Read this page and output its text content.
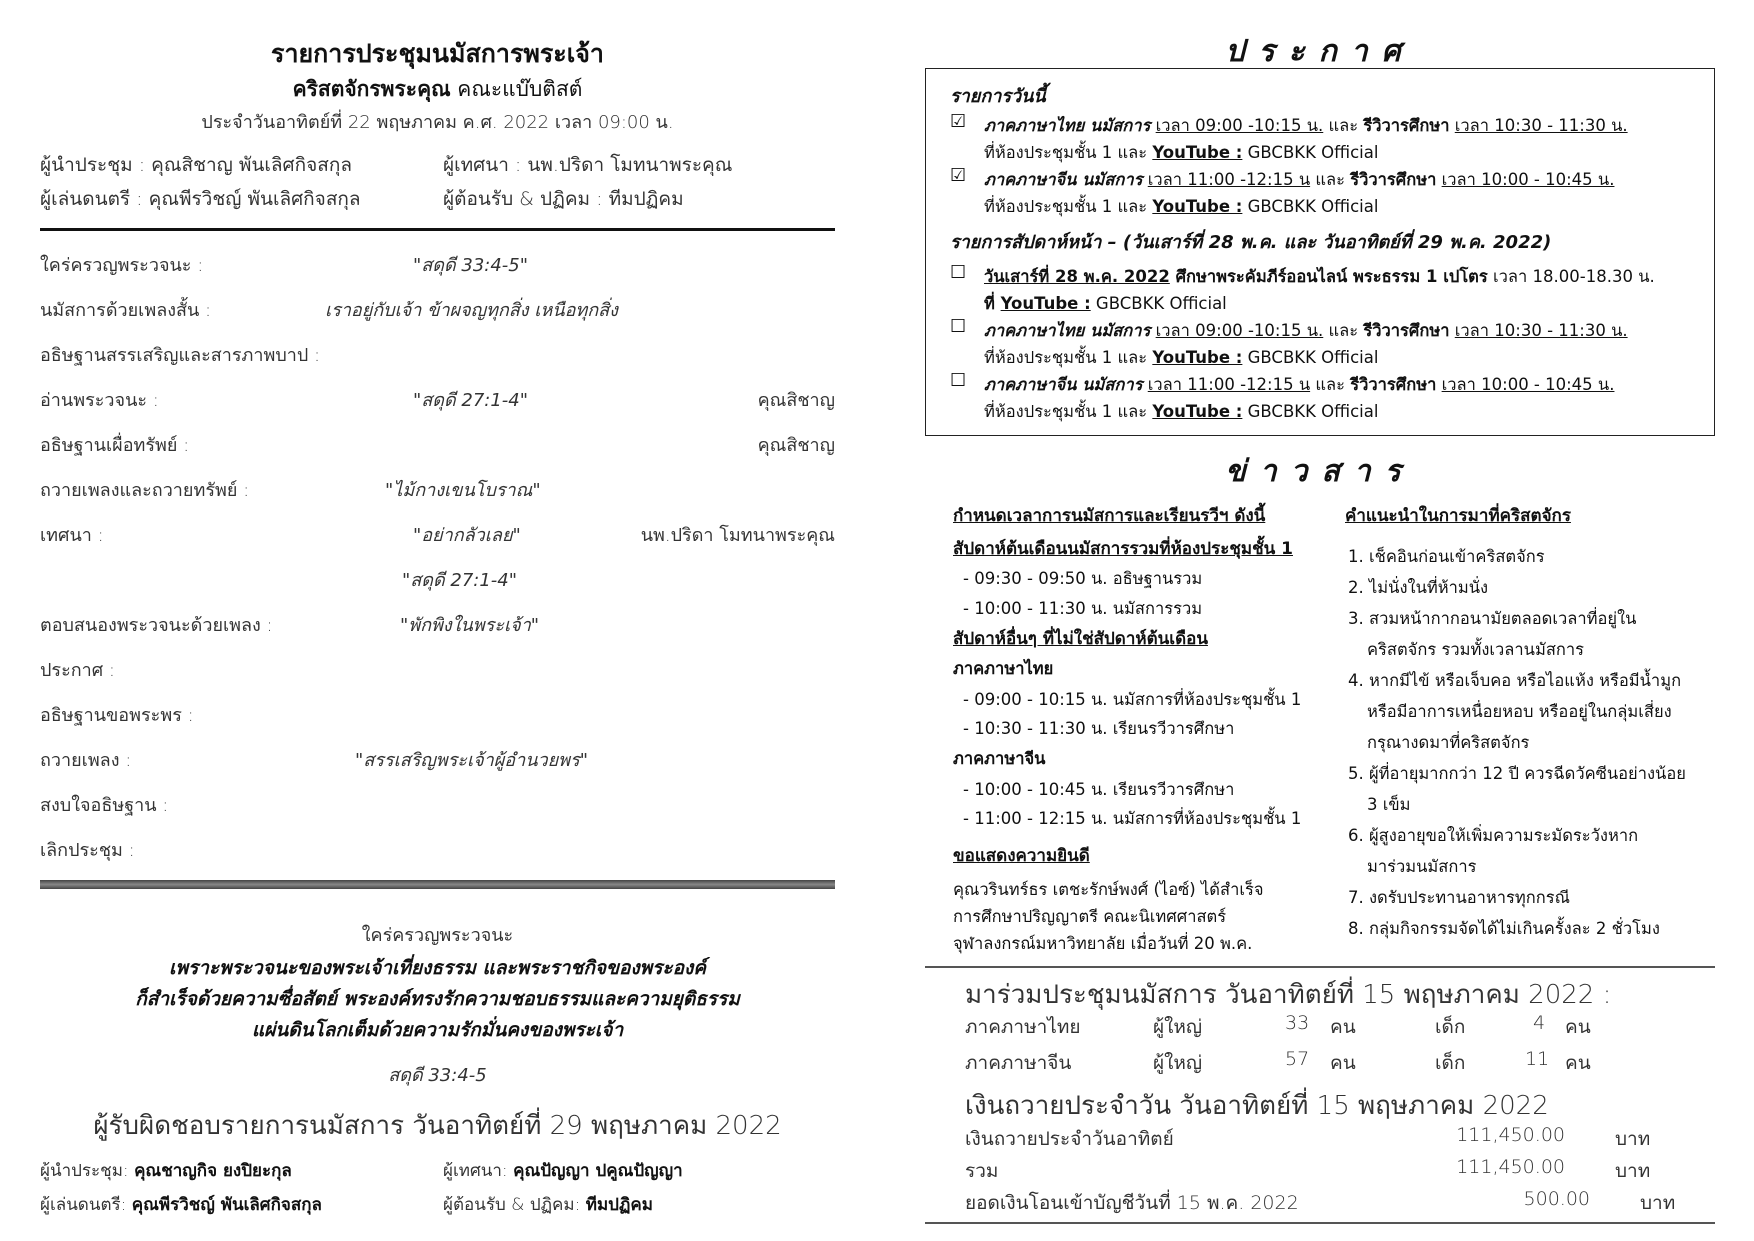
รายการประชุมนมัสการพระเจ้า
คริสตจักรพระคุณ คณะแบ๊บติสต์
ประจำวันอาทิตย์ที่ 22 พฤษภาคม ค.ศ. 2022 เวลา 09:00 น.
ผู้นำประชุม : คุณสิชาญ พันเลิศกิจสกุล	ผู้เทศนา : นพ.ปริดา โมทนาพระคุณ
ผู้เล่นดนตรี : คุณพีรวิชญ์ พันเลิศกิจสกุล	ผู้ต้อนรับ & ปฏิคม : ทีมปฏิคม
ใคร่ครวญพระวจนะ :	"สดุดี 33:4-5"
นมัสการด้วยเพลงสั้น :	เราอยู่กับเจ้า ข้าผจญทุกสิ่ง เหนือทุกสิ่ง
อธิษฐานสรรเสริญและสารภาพบาป :
อ่านพระวจนะ :	"สดุดี 27:1-4"	คุณสิชาญ
อธิษฐานเผื่อทรัพย์ :	คุณสิชาญ
ถวายเพลงและถวายทรัพย์ :	"ไม้กางเขนโบราณ"
เทศนา :	"อย่ากลัวเลย"	นพ.ปริดา โมทนาพระคุณ
"สดุดี 27:1-4"
ตอบสนองพระวจนะด้วยเพลง :	"พักพิงในพระเจ้า"
ประกาศ :
อธิษฐานขอพระพร :
ถวายเพลง :	"สรรเสริญพระเจ้าผู้อำนวยพร"
สงบใจอธิษฐาน :
เลิกประชุม :
ใคร่ครวญพระวจนะ
เพราะพระวจนะของพระเจ้าเที่ยงธรรม และพระราชกิจของพระองค์
ก็สำเร็จด้วยความซื่อสัตย์ พระองค์ทรงรักความชอบธรรมและความยุติธรรม
แผ่นดินโลกเต็มด้วยความรักมั่นคงของพระเจ้า
สดุดี 33:4-5
ผู้รับผิดชอบรายการนมัสการ วันอาทิตย์ที่ 29 พฤษภาคม 2022
ผู้นำประชุม: คุณชาญกิจ ยงปิยะกุล	ผู้เทศนา: คุณปัญญา ปคูณปัญญา
ผู้เล่นดนตรี: คุณพีรวิชญ์ พันเลิศกิจสกุล	ผู้ต้อนรับ & ปฏิคม: ทีมปฏิคม
ประกาศ
รายการวันนี้
☑ ภาคภาษาไทย นมัสการ เวลา 09:00 -10:15 น. และ รีวิวารศึกษา เวลา 10:30 - 11:30 น.
ที่ห้องประชุมชั้น 1 และ YouTube : GBCBKK Official
☑ ภาคภาษาจีน นมัสการ เวลา 11:00 -12:15 น และ รีวิวารศึกษา เวลา 10:00 - 10:45 น.
ที่ห้องประชุมชั้น 1 และ YouTube : GBCBKK Official
รายการสัปดาห์หน้า – (วันเสาร์ที่ 28 พ.ค. และ วันอาทิตย์ที่ 29 พ.ค. 2022)
☐ วันเสาร์ที่ 28 พ.ค. 2022 ศึกษาพระคัมภีร์ออนไลน์ พระธรรม 1 เปโตร เวลา 18.00-18.30 น.
ที่ YouTube : GBCBKK Official
☐ ภาคภาษาไทย นมัสการ เวลา 09:00 -10:15 น. และ รีวิวารศึกษา เวลา 10:30 - 11:30 น.
ที่ห้องประชุมชั้น 1 และ YouTube : GBCBKK Official
☐ ภาคภาษาจีน นมัสการ เวลา 11:00 -12:15 น และ รีวิวารศึกษา เวลา 10:00 - 10:45 น.
ที่ห้องประชุมชั้น 1 และ YouTube : GBCBKK Official
ข่าวสาร
กำหนดเวลาการนมัสการและเรียนรวีฯ ดังนี้
สัปดาห์ต้นเดือนนมัสการรวมที่ห้องประชุมชั้น 1
- 09:30 - 09:50 น. อธิษฐานรวม
- 10:00 - 11:30 น. นมัสการรวม
สัปดาห์อื่นๆ ที่ไม่ใช่สัปดาห์ต้นเดือน
ภาคภาษาไทย
- 09:00 - 10:15 น. นมัสการที่ห้องประชุมชั้น 1
- 10:30 - 11:30 น. เรียนรวีวารศึกษา
ภาคภาษาจีน
- 10:00 - 10:45 น. เรียนรวีวารศึกษา
- 11:00 - 12:15 น. นมัสการที่ห้องประชุมชั้น 1
ขอแสดงความยินดี
คุณวรินทร์ธร เตชะรักษ์พงศ์ (ไอซ์) ได้สำเร็จ
การศึกษาปริญญาตรี คณะนิเทศศาสตร์
จุฬาลงกรณ์มหาวิทยาลัย เมื่อวันที่ 20 พ.ค.
คำแนะนำในการมาที่คริสตจักร
1. เช็คอินก่อนเข้าคริสตจักร
2. ไม่นั่งในที่ห้ามนั่ง
3. สวมหน้ากากอนามัยตลอดเวลาที่อยู่ใน
คริสตจักร รวมทั้งเวลานมัสการ
4. หากมีไข้ หรือเจ็บคอ หรือไอแห้ง หรือมีน้ำมูก
หรือมีอาการเหนื่อยหอบ หรืออยู่ในกลุ่มเสี่ยง
กรุณางดมาที่คริสตจักร
5. ผู้ที่อายุมากกว่า 12 ปี ควรฉีดวัคซีนอย่างน้อย
3 เข็ม
6. ผู้สูงอายุขอให้เพิ่มความระมัดระวังหาก
มาร่วมนมัสการ
7. งดรับประทานอาหารทุกกรณี
8. กลุ่มกิจกรรมจัดได้ไม่เกินครั้งละ 2 ชั่วโมง
มาร่วมประชุมนมัสการ วันอาทิตย์ที่ 15 พฤษภาคม 2022 :
ภาคภาษาไทย	ผู้ใหญ่	33 คน	เด็ก	4 คน
ภาคภาษาจีน	ผู้ใหญ่	57 คน	เด็ก	11 คน
เงินถวายประจำวัน วันอาทิตย์ที่ 15 พฤษภาคม 2022
เงินถวายประจำวันอาทิตย์	111,450.00	บาท
รวม	111,450.00	บาท
ยอดเงินโอนเข้าบัญชีวันที่ 15 พ.ค. 2022	500.00	บาท
